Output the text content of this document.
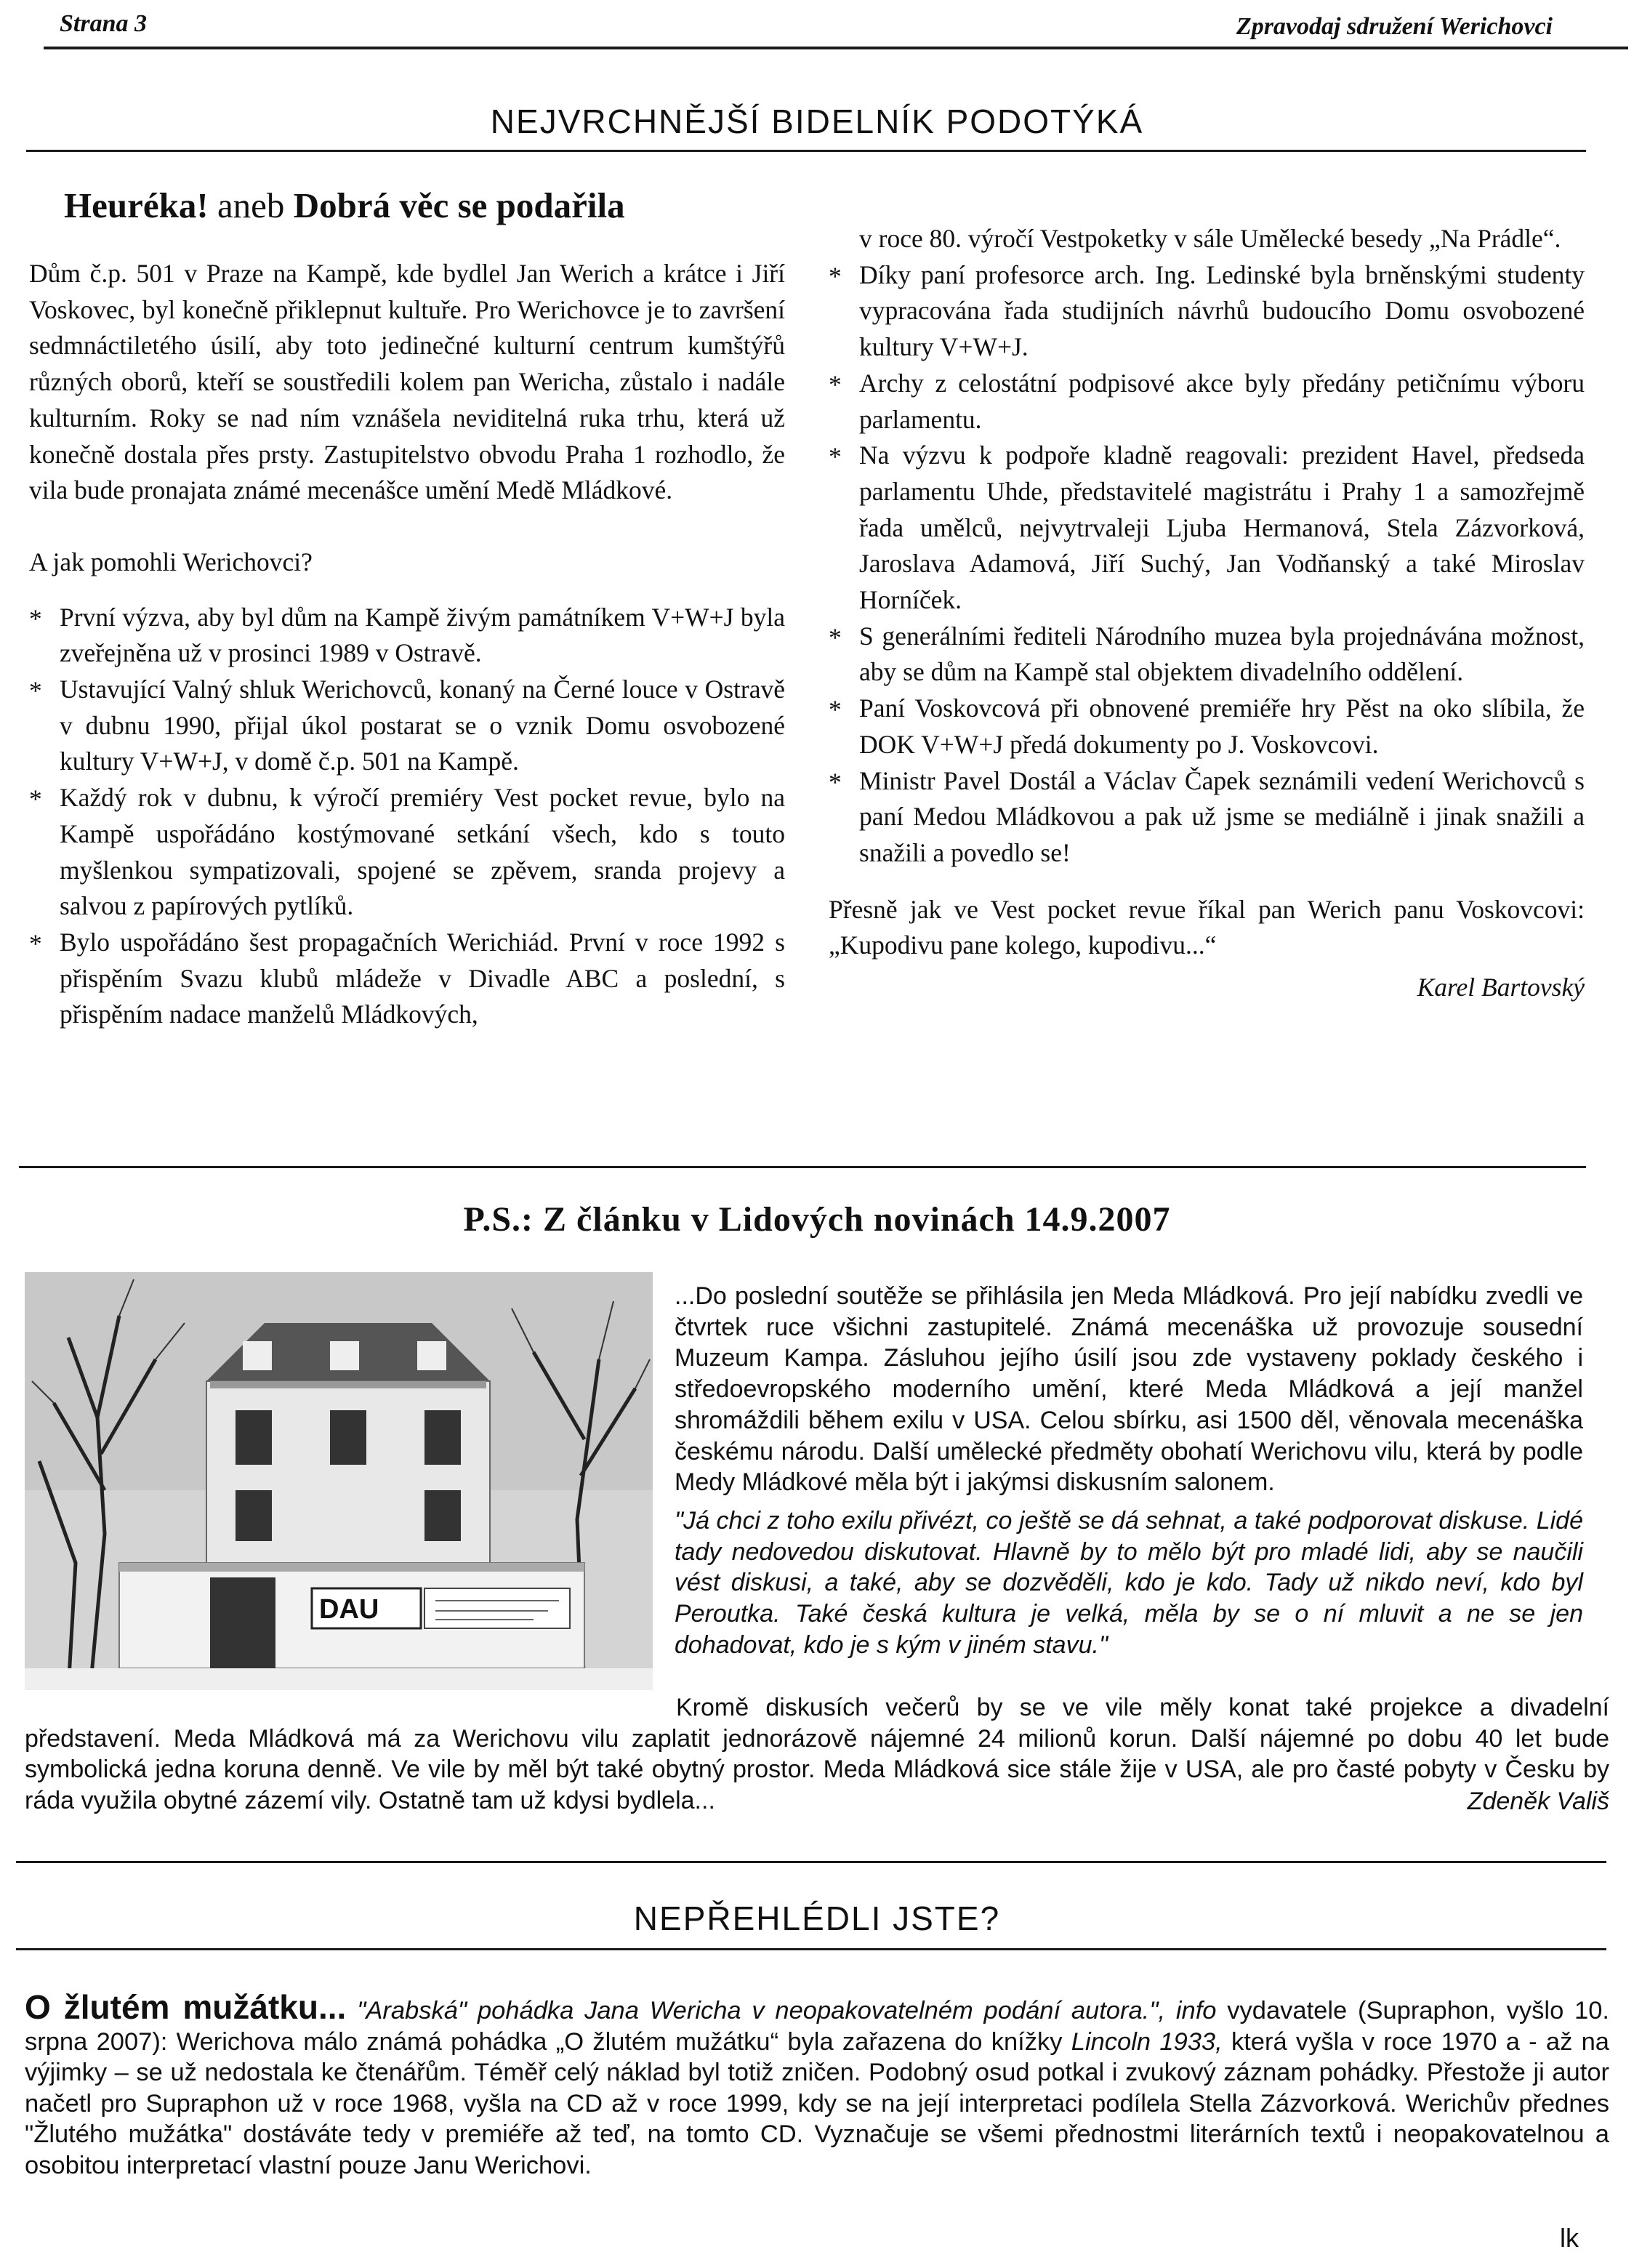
Strana 3	Zpravodaj sdružení Werichovci
NEJVRCHNĚJŠÍ BIDELNÍK PODOTÝKÁ
Heuréka! aneb Dobrá věc se podařila

Dům č.p. 501 v Praze na Kampě, kde bydlel Jan Werich a krátce i Jiří Voskovec, byl konečně přiklepnut kultuře. Pro Werichovce je to završení sedmnáctiletého úsilí, aby toto jedinečné kulturní centrum kumštýřů různých oborů, kteří se soustředili kolem pan Wericha, zůstalo i nadále kulturním. Roky se nad ním vznášela neviditelná ruka trhu, která už konečně dostala přes prsty. Zastupitelstvo obvodu Praha 1 rozhodlo, že vila bude pronajata známé mecenášce umění Medě Mládkové.

A jak pomohli Werichovci?

* První výzva, aby byl dům na Kampě živým památníkem V+W+J byla zveřejněna už v prosinci 1989 v Ostravě.
* Ustavující Valný shluk Werichovců, konaný na Černé louce v Ostravě v dubnu 1990, přijal úkol postarat se o vznik Domu osvobozené kultury V+W+J, v domě č.p. 501 na Kampě.
* Každý rok v dubnu, k výročí premiéry Vest pocket revue, bylo na Kampě uspořádáno kostýmované setkání všech, kdo s touto myšlenkou sympatizovali, spojené se zpěvem, sranda projevy a salvou z papírových pytlíků.
* Bylo uspořádáno šest propagačních Werichiád. První v roce 1992 s přispěním Svazu klubů mládeže v Divadle ABC a poslední, s přispěním nadace manželů Mládkových,

v roce 80. výročí Vestpoketky v sále Umělecké besedy „Na Prádle“.

* Díky paní profesorce arch. Ing. Ledinské byla brněnskými studenty vypracována řada studijních návrhů budoucího Domu osvobozené kultury V+W+J.
* Archy z celostátní podpisové akce byly předány petičnímu výboru parlamentu.
* Na výzvu k podpoře kladně reagovali: prezident Havel, předseda parlamentu Uhde, představitelé magistrátu i Prahy 1 a samozřejmě řada umělců, nejvytrvaleji Ljuba Hermanová, Stela Zázvorková, Jaroslava Adamová, Jiří Suchý, Jan Vodňanský a také Miroslav Horníček.
* S generálními řediteli Národního muzea byla projednávána možnost, aby se dům na Kampě stal objektem divadelního oddělení.
* Paní Voskovcová při obnovené premiéře hry Pěst na oko slíbila, že DOK V+W+J předá dokumenty po J. Voskovcovi.
* Ministr Pavel Dostál a Václav Čapek seznámili vedení Werichovců s paní Medou Mládkovou a pak už jsme se mediálně i jinak snažili a snažili a povedlo se!

Přesně jak ve Vest pocket revue říkal pan Werich panu Voskovcovi: „Kupodivu pane kolego, kupodivu...“

Karel Bartovský

P.S.: Z článku v Lidových novinách 14.9.2007
DAU

...Do poslední soutěže se přihlásila jen Meda Mládková. Pro její nabídku zvedli ve čtvrtek ruce všichni zastupitelé. Známá mecenáška už provozuje sousední Muzeum Kampa. Zásluhou jejího úsilí jsou zde vystaveny poklady českého i středoevropského moderního umění, které Meda Mládková a její manžel shromáždili během exilu v USA. Celou sbírku, asi 1500 děl, věnovala mecenáška českému národu. Další umělecké předměty obohatí Werichovu vilu, která by podle Medy Mládkové měla být i jakýmsi diskusním salonem.

"Já chci z toho exilu přivézt, co ještě se dá sehnat, a také podporovat diskuse. Lidé tady nedovedou diskutovat. Hlavně by to mělo být pro mladé lidi, aby se naučili vést diskusi, a také, aby se dozvěděli, kdo je kdo. Tady už nikdo neví, kdo byl Peroutka. Také česká kultura je velká, měla by se o ní mluvit a ne se jen dohadovat, kdo je s kým v jiném stavu."

Kromě diskusích večerů by se ve vile měly konat také projekce a divadelní představení. Meda Mládková má za Werichovu vilu zaplatit jednorázově nájemné 24 milionů korun. Další nájemné po dobu 40 let bude symbolická jedna koruna denně. Ve vile by měl být také obytný prostor. Meda Mládková sice stále žije v USA, ale pro časté pobyty v Česku by ráda využila obytné zázemí vily. Ostatně tam už kdysi bydlela...	Zdeněk Vališ

NEPŘEHLÉDLI JSTE?
O žlutém mužátku... "Arabská" pohádka Jana Wericha v neopakovatelném podání autora.", info vydavatele (Supraphon, vyšlo 10. srpna 2007): Werichova málo známá pohádka „O žlutém mužátku“ byla zařazena do knížky Lincoln 1933, která vyšla v roce 1970 a - až na výjimky – se už nedostala ke čtenářům. Téměř celý náklad byl totiž zničen. Podobný osud potkal i zvukový záznam pohádky. Přestože ji autor načetl pro Supraphon už v roce 1968, vyšla na CD až v roce 1999, kdy se na její interpretaci podílela Stella Zázvorková. Werichův přednes "Žlutého mužátka" dostáváte tedy v premiéře až teď, na tomto CD. Vyznačuje se všemi přednostmi literárních textů i neopakovatelnou a osobitou interpretací vlastní pouze Janu Werichovi.
lk
